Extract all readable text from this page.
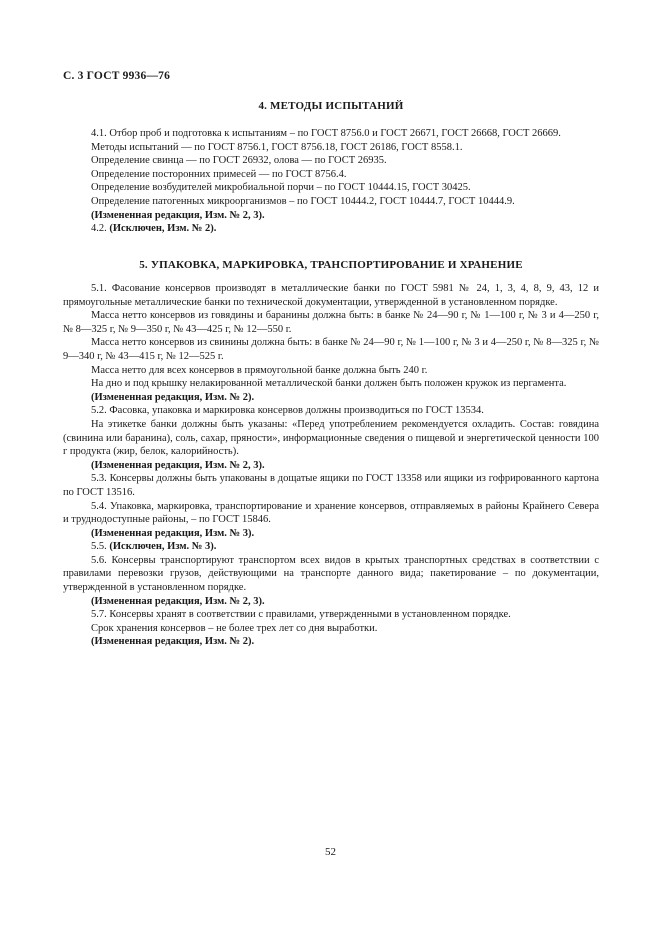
С. 3 ГОСТ 9936—76
4. МЕТОДЫ ИСПЫТАНИЙ

4.1. Отбор проб и подготовка к испытаниям – по ГОСТ 8756.0 и ГОСТ 26671, ГОСТ 26668, ГОСТ 26669.

Методы испытаний — по ГОСТ 8756.1, ГОСТ 8756.18, ГОСТ 26186, ГОСТ 8558.1.

Определение свинца — по ГОСТ 26932, олова — по ГОСТ 26935.

Определение посторонних примесей — по ГОСТ 8756.4.

Определение возбудителей микробиальной порчи – по ГОСТ 10444.15, ГОСТ 30425.

Определение патогенных микроорганизмов – по ГОСТ 10444.2, ГОСТ 10444.7, ГОСТ 10444.9.

(Измененная редакция, Изм. № 2, 3).

4.2. (Исключен, Изм. № 2).

5. УПАКОВКА, МАРКИРОВКА, ТРАНСПОРТИРОВАНИЕ И ХРАНЕНИЕ

5.1. Фасование консервов производят в металлические банки по ГОСТ 5981 № 24, 1, 3, 4, 8, 9, 43, 12 и прямоугольные металлические банки по технической документации, утвержденной в установленном порядке.

Масса нетто консервов из говядины и баранины должна быть: в банке № 24—90 г, № 1—100 г, № 3 и 4—250 г, № 8—325 г, № 9—350 г, № 43—425 г, № 12—550 г.

Масса нетто консервов из свинины должна быть: в банке № 24—90 г, № 1—100 г, № 3 и 4—250 г, № 8—325 г, № 9—340 г, № 43—415 г, № 12—525 г.

Масса нетто для всех консервов в прямоугольной банке должна быть 240 г.

На дно и под крышку нелакированной металлической банки должен быть положен кружок из пергамента.

(Измененная редакция, Изм. № 2).

5.2. Фасовка, упаковка и маркировка консервов должны производиться по ГОСТ 13534.

На этикетке банки должны быть указаны: «Перед употреблением рекомендуется охладить. Состав: говядина (свинина или баранина), соль, сахар, пряности», информационные сведения о пищевой и энергетической ценности 100 г продукта (жир, белок, калорийность).

(Измененная редакция, Изм. № 2, 3).

5.3. Консервы должны быть упакованы в дощатые ящики по ГОСТ 13358 или ящики из гофрированного картона по ГОСТ 13516.

5.4. Упаковка, маркировка, транспортирование и хранение консервов, отправляемых в районы Крайнего Севера и труднодоступные районы, – по ГОСТ 15846.

(Измененная редакция, Изм. № 3).

5.5. (Исключен, Изм. № 3).

5.6. Консервы транспортируют транспортом всех видов в крытых транспортных средствах в соответствии с правилами перевозки грузов, действующими на транспорте данного вида; пакетирование – по документации, утвержденной в установленном порядке.

(Измененная редакция, Изм. № 2, 3).

5.7. Консервы хранят в соответствии с правилами, утвержденными в установленном порядке.

Срок хранения консервов – не более трех лет со дня выработки.

(Измененная редакция, Изм. № 2).

52
